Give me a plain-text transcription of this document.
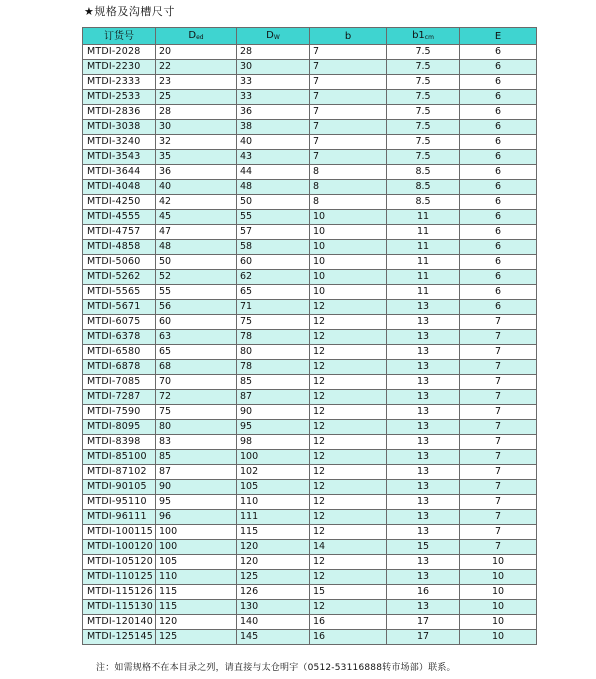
★规格及沟槽尺寸
订货号	Ded	DW	b	b1cm	E
MTDI-2028	20	28	7	7.5	6
MTDI-2230	22	30	7	7.5	6
MTDI-2333	23	33	7	7.5	6
MTDI-2533	25	33	7	7.5	6
MTDI-2836	28	36	7	7.5	6
MTDI-3038	30	38	7	7.5	6
MTDI-3240	32	40	7	7.5	6
MTDI-3543	35	43	7	7.5	6
MTDI-3644	36	44	8	8.5	6
MTDI-4048	40	48	8	8.5	6
MTDI-4250	42	50	8	8.5	6
MTDI-4555	45	55	10	11	6
MTDI-4757	47	57	10	11	6
MTDI-4858	48	58	10	11	6
MTDI-5060	50	60	10	11	6
MTDI-5262	52	62	10	11	6
MTDI-5565	55	65	10	11	6
MTDI-5671	56	71	12	13	6
MTDI-6075	60	75	12	13	7
MTDI-6378	63	78	12	13	7
MTDI-6580	65	80	12	13	7
MTDI-6878	68	78	12	13	7
MTDI-7085	70	85	12	13	7
MTDI-7287	72	87	12	13	7
MTDI-7590	75	90	12	13	7
MTDI-8095	80	95	12	13	7
MTDI-8398	83	98	12	13	7
MTDI-85100	85	100	12	13	7
MTDI-87102	87	102	12	13	7
MTDI-90105	90	105	12	13	7
MTDI-95110	95	110	12	13	7
MTDI-96111	96	111	12	13	7
MTDI-100115	100	115	12	13	7
MTDI-100120	100	120	14	15	7
MTDI-105120	105	120	12	13	10
MTDI-110125	110	125	12	13	10
MTDI-115126	115	126	15	16	10
MTDI-115130	115	130	12	13	10
MTDI-120140	120	140	16	17	10
MTDI-125145	125	145	16	17	10
注：如需规格不在本目录之列，请直接与太仓明宇（0512-53116888转市场部）联系。
